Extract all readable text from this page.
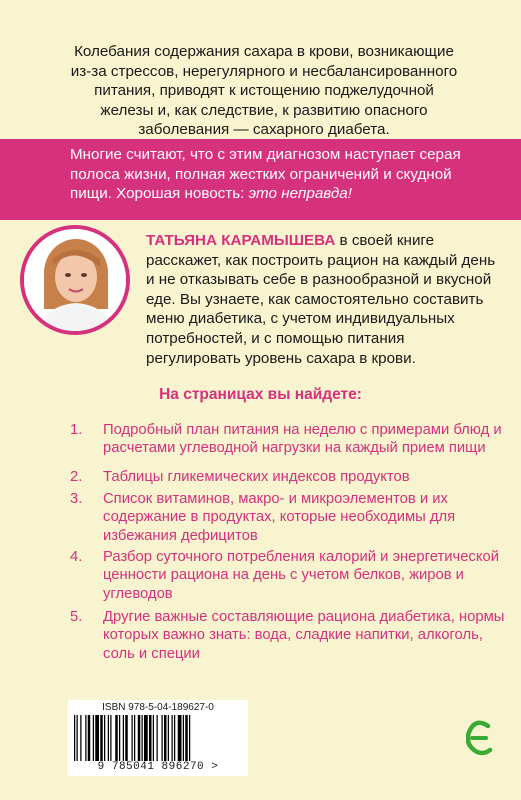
Колебания содержания сахара в крови, возникающие из-за стрессов, нерегулярного и несбалансированного питания, приводят к истощению поджелудочной железы и, как следствие, к развитию опасного заболевания — сахарного диабета.
Многие считают, что с этим диагнозом наступает серая полоса жизни, полная жестких ограничений и скудной пищи. Хорошая новость: это неправда!
ТАТЬЯНА КАРАМЫШЕВА в своей книге расскажет, как построить рацион на каждый день и не отказывать себе в разнообразной и вкусной еде. Вы узнаете, как самостоятельно составить меню диабетика, с учетом индивидуальных потребностей, и с помощью питания регулировать уровень сахара в крови.
На страницах вы найдете:
1. Подробный план питания на неделю с примерами блюд и расчетами углеводной нагрузки на каждый прием пищи
2. Таблицы гликемических индексов продуктов
3. Список витаминов, макро- и микроэлементов и их содержание в продуктах, которые необходимы для избежания дефицитов
4. Разбор суточного потребления калорий и энергетической ценности рациона на день с учетом белков, жиров и углеводов
5. Другие важные составляющие рациона диабетика, нормы которых важно знать: вода, сладкие напитки, алкоголь, соль и специи
ISBN 978-5-04-189627-0
9 785041 896270 >
